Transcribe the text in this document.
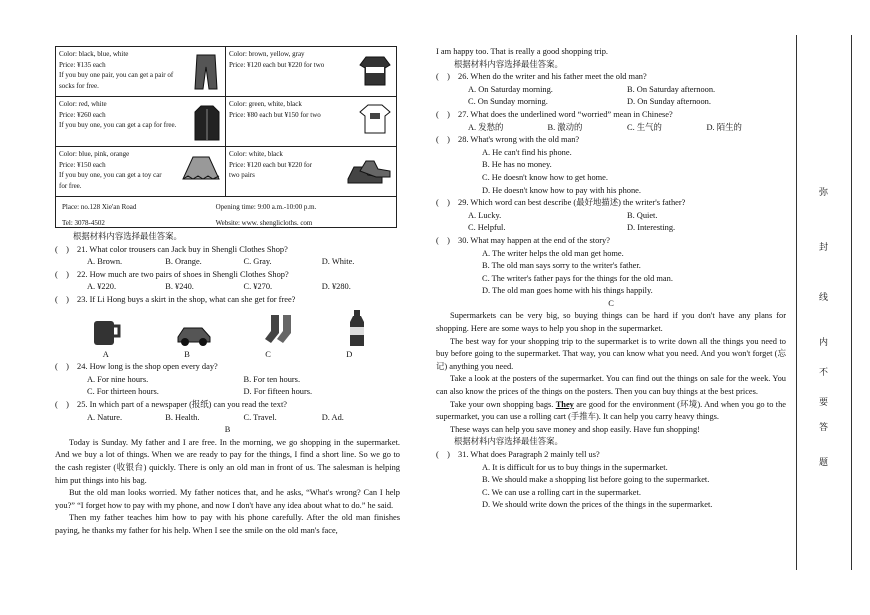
Color: black, blue, white
Price: ¥135 each
If you buy one pair, you can get a pair of
socks for free.
Color: brown, yellow, gray
Price: ¥120 each but ¥220 for two
Color: red, white
Price: ¥260 each
If you buy one, you can get a cap for free.
Color: green, white, black
Price: ¥80 each but ¥150 for two
Color: blue, pink, orange
Price: ¥150 each
If you buy one, you can get a toy car
for free.
Color: white, black
Price: ¥120 each but ¥220 for
two pairs
Place: no.128 Xie'an Road
Tel: 3078-4502
Opening time: 9:00 a.m.-10:00 p.m.
Website: www. shenglicloths. com
根据材料内容选择最佳答案。
(　) 21. What color trousers can Jack buy in Shengli Clothes Shop?
A. Brown.	B. Orange.	C. Gray.	D. White.
(　) 22. How much are two pairs of shoes in Shengli Clothes Shop?
A. ¥220.	B. ¥240.	C. ¥270.	D. ¥280.
(　) 23. If Li Hong buys a skirt in the shop, what can she get for free?
A	B	C	D
(　) 24. How long is the shop open every day?
A. For nine hours.	B. For ten hours.
C. For thirteen hours.	D. For fifteen hours.
(　) 25. In which part of a newspaper (报纸) can you read the text?
A. Nature.	B. Health.	C. Travel.	D. Ad.
B
Today is Sunday. My father and I are free. In the morning, we go shopping in the supermarket. And we buy a lot of things. When we are ready to pay for the things, I find a short line. So we go to the cash register (收银台) quickly. There is only an old man in front of us. The salesman is helping him put things into his bag.
But the old man looks worried. My father notices that, and he asks, “What's wrong? Can I help you?” “I forget how to pay with my phone, and now I don't have any idea about what to do.” he said.
Then my father teaches him how to pay with his phone carefully. After the old man finishes paying, he thanks my father for his help. When I see the smile on the old man's face,
I am happy too. That is really a good shopping trip.
根据材料内容选择最佳答案。
(　) 26. When do the writer and his father meet the old man?
A. On Saturday morning.	B. On Saturday afternoon.
C. On Sunday morning.	D. On Sunday afternoon.
(　) 27. What does the underlined word “worried” mean in Chinese?
A. 发愁的	B. 激动的	C. 生气的	D. 陌生的
(　) 28. What's wrong with the old man?
A. He can't find his phone.
B. He has no money.
C. He doesn't know how to get home.
D. He doesn't know how to pay with his phone.
(　) 29. Which word can best describe (最好地描述) the writer's father?
A. Lucky.	B. Quiet.
C. Helpful.	D. Interesting.
(　) 30. What may happen at the end of the story?
A. The writer helps the old man get home.
B. The old man says sorry to the writer's father.
C. The writer's father pays for the things for the old man.
D. The old man goes home with his things happily.
C
Supermarkets can be very big, so buying things can be hard if you don't have any plans for shopping. Here are some ways to help you shop in the supermarket.
The best way for your shopping trip to the supermarket is to write down all the things you need to buy before going to the supermarket. That way, you can know what you need. And you won't forget (忘记) anything you need.
Take a look at the posters of the supermarket. You can find out the things on sale for the week. You can also know the prices of the things on the posters. Then you can buy things at the best prices.
Take your own shopping bags. They are good for the environment (环境). And when you go to the supermarket, you can use a rolling cart (手推车). It can help you carry heavy things.
These ways can help you save money and shop easily. Have fun shopping!
根据材料内容选择最佳答案。
(　) 31. What does Paragraph 2 mainly tell us?
A. It is difficult for us to buy things in the supermarket.
B. We should make a shopping list before going to the supermarket.
C. We can use a rolling cart in the supermarket.
D. We should write down the prices of the things in the supermarket.
弥
封
线
内
不
要
答
题
